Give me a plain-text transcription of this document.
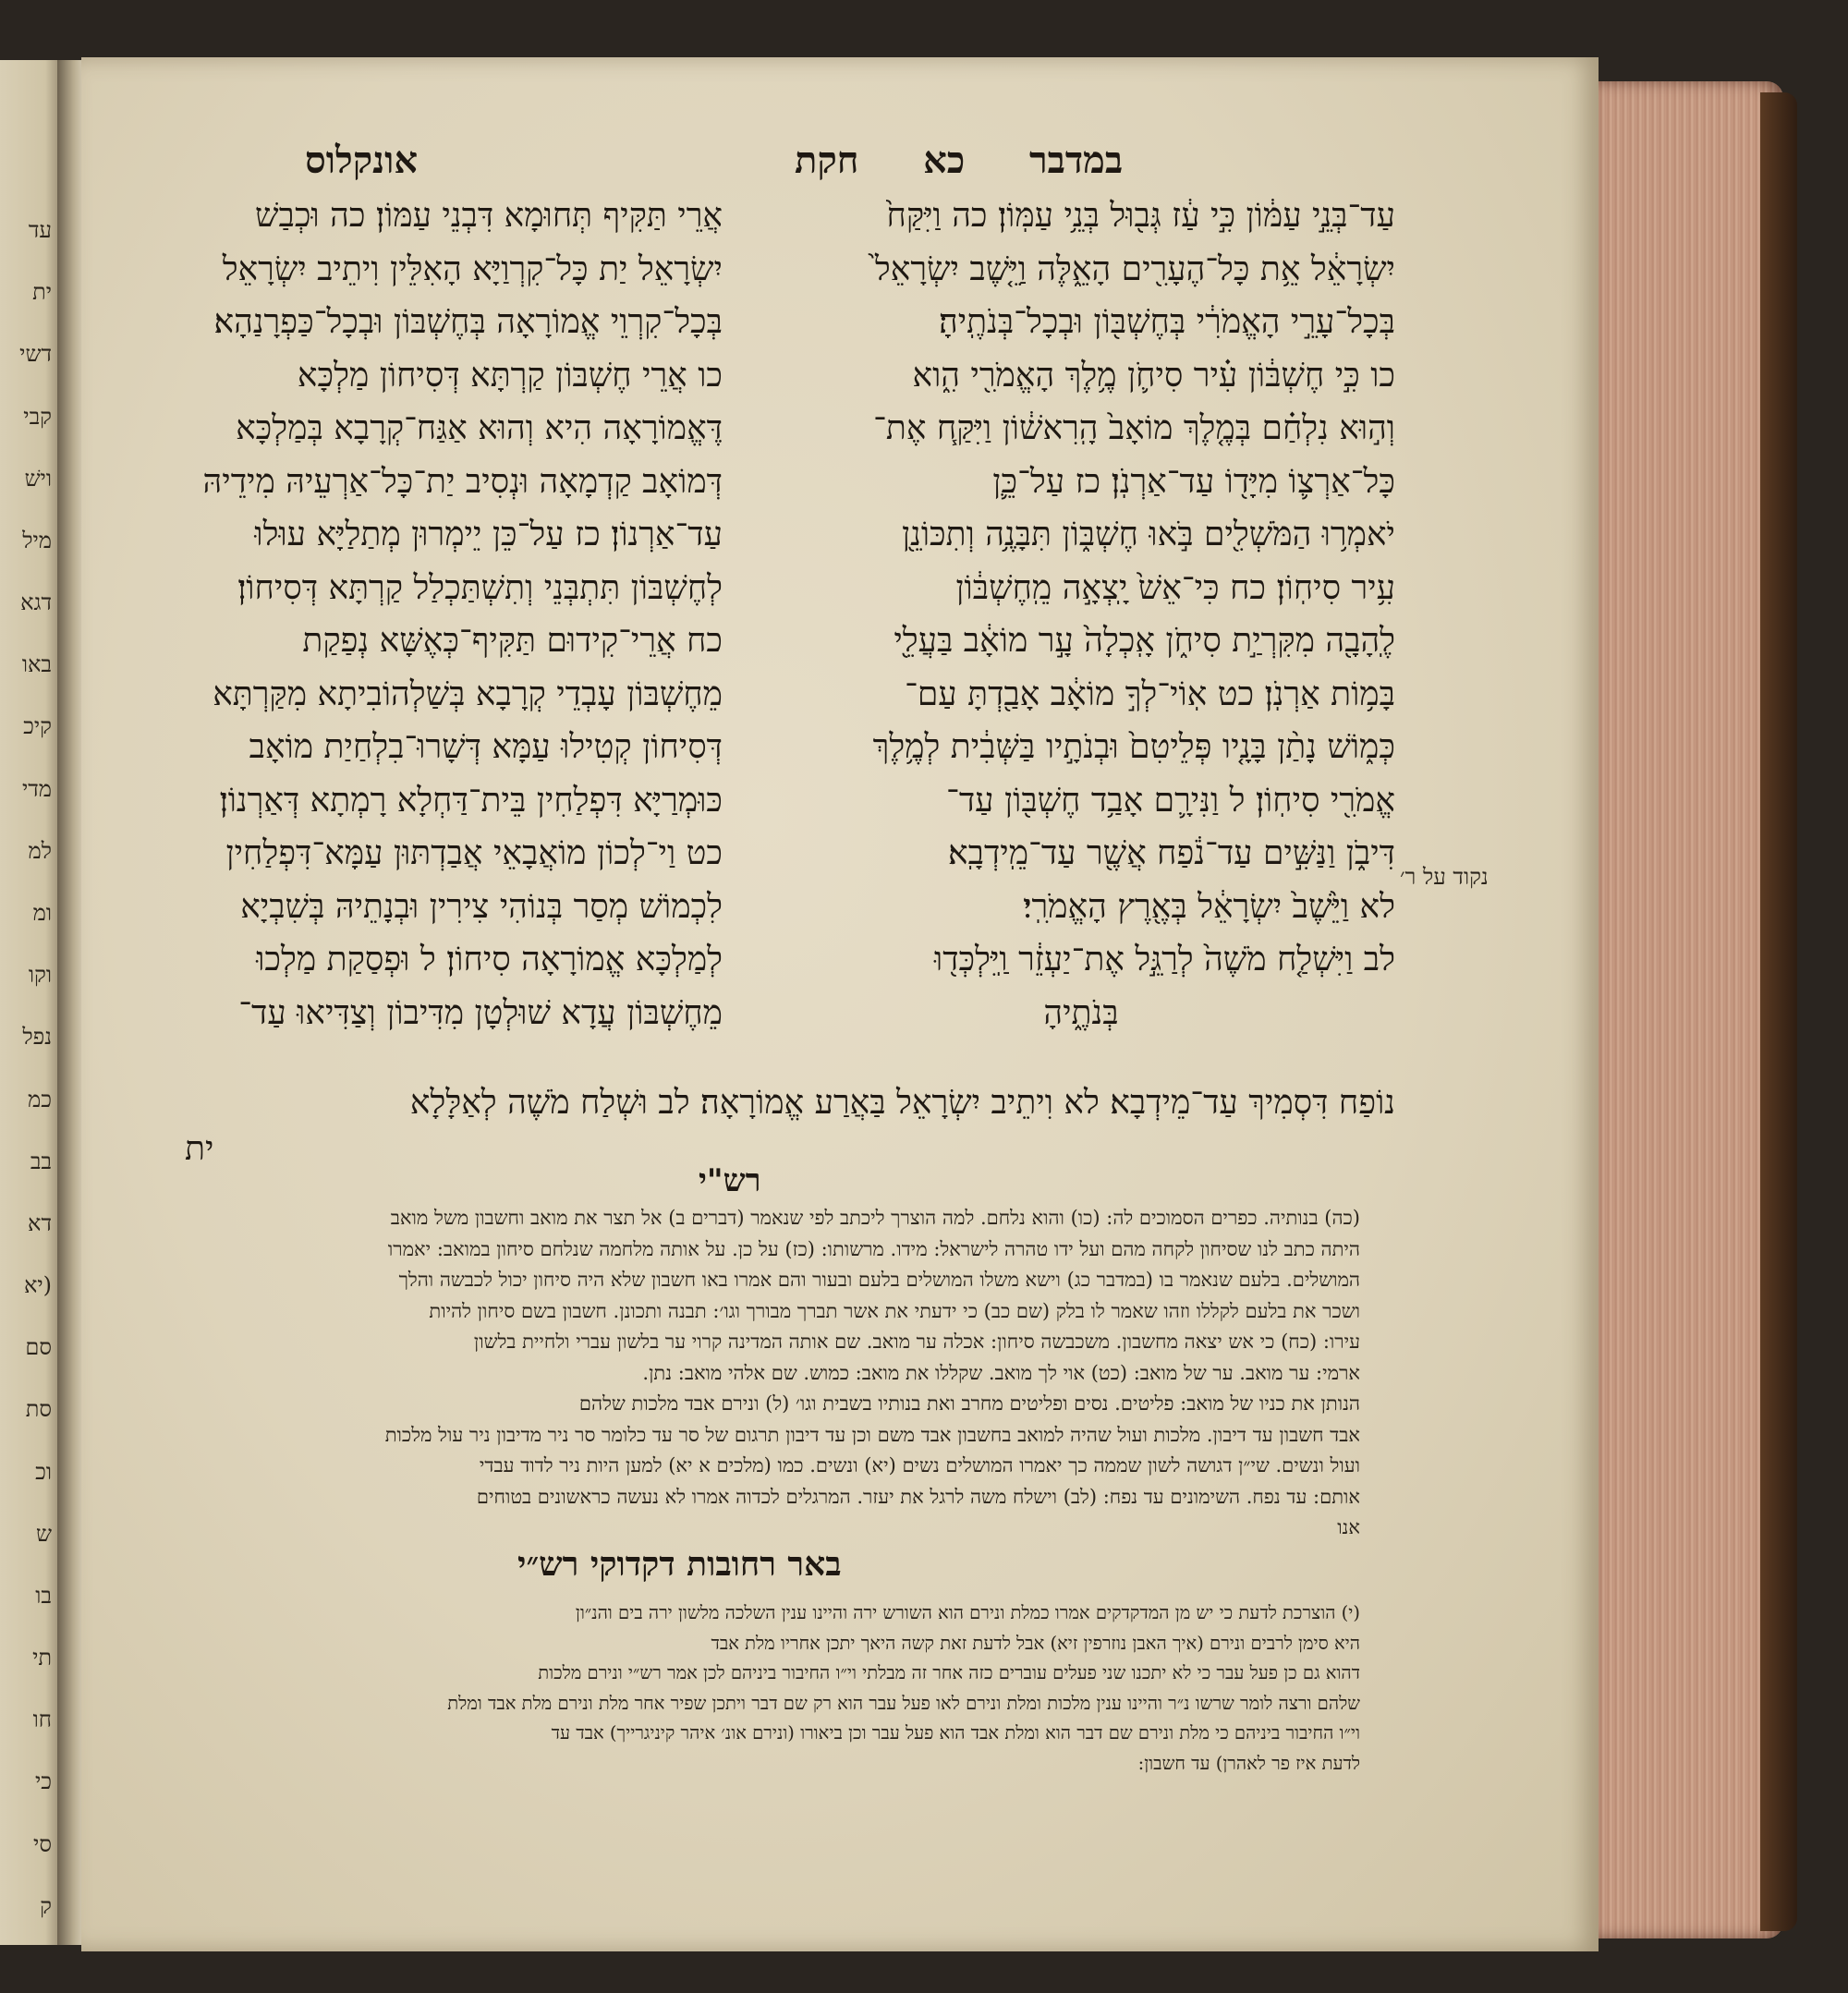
עד
ית
דשי
קבי
וישׁ
מיל
דגא
באו
קיכ
מדי
למ
ומ
וקו
נפל
כמ
בב
דא
(יא
סם
סת
וכ
ש
בו
תי
חו
כי
סי
ק
במדבר     כא     חקת
אונקלוס
עַד־בְּנֵ֣י עַמּ֔וֹן כִּ֣י עַ֔ז גְּב֖וּל בְּנֵ֥י עַמּֽוֹן׃ כה וַיִּקַּח֙
יִשְׂרָאֵ֔ל אֵ֥ת כָּל־הֶעָרִ֖ים הָאֵ֑לֶּה וַיֵּ֤שֶׁב יִשְׂרָאֵל֙
בְּכָל־עָרֵ֣י הָאֱמֹרִ֔י בְּחֶשְׁבּ֖וֹן וּבְכָל־בְּנֹתֶֽיהָ׃
כו כִּ֣י חֶשְׁבּ֔וֹן עִ֗יר סִיחֹ֛ן מֶ֥לֶךְ הָאֱמֹרִ֖י הִ֑וא
וְה֣וּא נִלְחַ֗ם בְּמֶ֤לֶךְ מוֹאָב֙ הָֽרִאשׁ֔וֹן וַיִּקַּ֧ח אֶת־
כָּל־אַרְצ֛וֹ מִיָּד֖וֹ עַד־אַרְנֹֽן׃ כז עַל־כֵּ֛ן
יֹאמְר֥וּ הַמֹּשְׁלִ֖ים בֹּ֣אוּ חֶשְׁבּ֑וֹן תִּבָּנֶ֥ה וְתִכּוֹנֵ֖ן
עִ֥יר סִיחֽוֹן׃ כח כִּי־אֵשׁ֙ יָֽצְאָ֣ה מֵֽחֶשְׁבּ֔וֹן
לֶֽהָבָ֖ה מִקִּרְיַ֣ת סִיחֹ֑ן אָֽכְלָה֙ עָ֣ר מוֹאָ֔ב בַּעֲלֵ֖י
בָּמ֥וֹת אַרְנֹֽן׃ כט אֽוֹי־לְךָ֣ מוֹאָ֔ב אָבַ֖דְתָּ עַם־
כְּמ֑וֹשׁ נָתַ֨ן בָּנָ֤יו פְּלֵיטִם֙ וּבְנֹתָ֣יו בַּשְּׁבִ֔ית לְמֶ֥לֶךְ
אֱמֹרִ֖י סִיחֽוֹן׃ ל וַנִּירָ֛ם אָבַ֥ד חֶשְׁבּ֖וֹן עַד־
דִּיבֹ֑ן וַנַּשִּׁ֣ים עַד־נֹ֔פַח אֲשֶׁ֖ר עַד־מֵֽידְבָֽא׃
לא וַיֵּ֙שֶׁב֙ יִשְׂרָאֵ֔ל בְּאֶ֖רֶץ הָאֱמֹרִֽי׃
לב וַיִּשְׁלַ֤ח מֹשֶׁה֙ לְרַגֵּ֣ל אֶת־יַעְזֵ֔ר וַֽיִּלְכְּד֖וּ
בְּנֹתֶ֑יהָ
נקוד על ר׳
אֲרֵי תַּקִּיף תְּחוּמָא דִּבְנֵי עַמּוֹן׃ כה וּכְבַשׁ
יִשְׂרָאֵל יַת כָּל־קִרְוַיָּא הָאִלֵּין וִיתֵיב יִשְׂרָאֵל
בְּכָל־קִרְוֵי אֱמוֹרָאָה בְּחֶשְׁבּוֹן וּבְכָל־כַּפְרָנַהָא׃
כו אֲרֵי חֶשְׁבּוֹן קַרְתָּא דְּסִיחוֹן מַלְכָּא
דֶּאֱמוֹרָאָה הִיא וְהוּא אַגַּח־קְרָבָא בְּמַלְכָּא
דְּמוֹאָב קַדְמָאָה וּנְסִיב יַת־כָּל־אַרְעֵיהּ מִידֵיהּ
עַד־אַרְנוֹן׃ כז עַל־כֵּן יֵימְרוּן מְתַלַיָּא עוּלוּ
לְחֶשְׁבּוֹן תִּתְבְּנֵי וְתִשְׁתַּכְלַל קַרְתָּא דְּסִיחוֹן׃
כח אֲרֵי־קִידוּם תַּקִּיף־כְּאֶשָּׁא נְפַקַת
מֵחֶשְׁבּוֹן עָבְדֵי קְרָבָא בְּשַׁלְהוֹבִיתָא מִקַּרְתָּא
דְּסִיחוֹן קְטִילוּ עַמָּא דְּשָׁרוּ־בִלְחַיַת מוֹאָב
כּוּמְרַיָּא דִּפְלַחִין בֵּית־דַּחְלָא רָמְתָא דְּאַרְנוֹן׃
כט וַי־לְכוֹן מוֹאֲבָאֵי אֲבַדְתּוּן עַמָּא־דִּפְלַחִין
לִכְמוֹשׁ מְסַר בְּנוֹהִי צִירִין וּבְנָתֵיהּ בְּשִׁבְיָא
לְמַלְכָּא אֱמוֹרָאָה סִיחוֹן׃ ל וּפְסַקַת מַלְכוּ
מֵחֶשְׁבּוֹן עֲדָא שׁוּלְטָן מִדִּיבוֹן וְצַדִּיאוּ עַד־
נוֹפַח דִּסְמִיךְ עַד־מֵידְבָא׃ לא וִיתֵיב יִשְׂרָאֵל בַּאֲרַע אֱמוֹרָאָה׃ לב וּשְׁלַח מֹשֶׁה לְאַלָּלָא
ית
רש"י
(כה) בנותיה. כפרים הסמוכים לה: (כו) והוא נלחם. למה הוצרך ליכתב לפי שנאמר (דברים ב) אל תצר את מואב וחשבון משל מואב
היתה כתב לנו שסיחון לקחה מהם ועל ידו טהרה לישראל: מידו. מרשותו: (כז) על כן. על אותה מלחמה שנלחם סיחון במואב: יאמרו
המושלים. בלעם שנאמר בו (במדבר כג) וישא משלו המושלים בלעם ובעור והם אמרו באו חשבון שלא היה סיחון יכול לכבשה והלך
ושכר את בלעם לקללו וזהו שאמר לו בלק (שם כב) כי ידעתי את אשר תברך מבורך וגו׳: תבנה ותכונן. חשבון בשם סיחון להיות
עירו: (כח) כי אש יצאה מחשבון. משכבשה סיחון: אכלה ער מואב. שם אותה המדינה קרוי ער בלשון עברי ולחיית בלשון
ארמי: ער מואב. ער של מואב: (כט) אוי לך מואב. שקללו את מואב: כמוש. שם אלהי מואב: נתן.
הנותן את כניו של מואב: פליטים. נסים ופליטים מחרב ואת בנותיו בשבית וגו׳ (ל) ונירם אבד מלכות שלהם
אבד חשבון עד דיבון. מלכות ועול שהיה למואב בחשבון אבד משם וכן עד דיבון תרגום של סר עד כלומר סר ניר מדיבון ניר עול מלכות
ועול ונשים. שי״ן דגושה לשון שממה כך יאמרו המושלים נשים (יא) ונשים. כמו (מלכים א יא) למען היות ניר לדוד עבדי
אותם: עד נפח. השימונים עד נפח: (לב) וישלח משה לרגל את יעזר. המרגלים לכדוה אמרו לא נעשה כראשונים בטוחים
אנו
באר רחובות דקדוקי רש״י
(י) הוצרכת לדעת כי יש מן המדקדקים אמרו כמלת ונירם הוא השורש ירה והיינו ענין השלכה מלשון ירה בים והנ״ון
היא סימן לרבים ונירם (איך האבן נוזרפין זיא) אבל לדעת זאת קשה היאך יתכן אחריו מלת אבד
דהוא גם כן פעל עבר כי לא יתכנו שני פעלים עוברים כזה אחר זה מבלתי וי״ו החיבור ביניהם לכן אמר רש״י ונירם מלכות
שלהם ורצה לומר שרשו נ״ר והיינו ענין מלכות ומלת ונירם לאו פעל עבר הוא רק שם דבר ויתכן שפיר אחר מלת ונירם מלת אבד ומלת
וי״ו החיבור ביניהם כי מלת ונירם שם דבר הוא ומלת אבד הוא פעל עבר וכן ביאורו (ונירם אונ׳ איהר קיניגרייך) אבד עד
לדעת איז פר לאהרן) עד חשבון:
